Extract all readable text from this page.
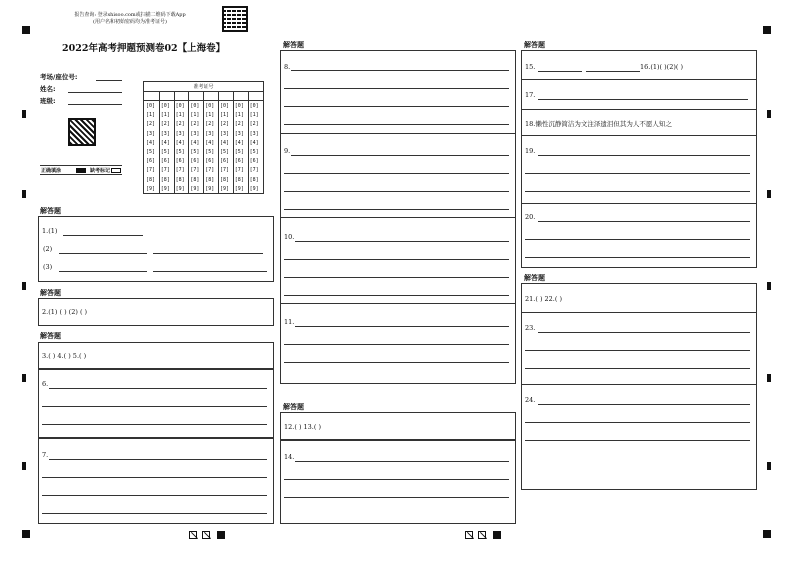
报告查询: 登录shisoo.com或扫描二维码下载App
(用户名和初始密码均为准考证号)
2022年高考押题预测卷02【上海卷】
考场/座位号:
姓名:
班级:
准考证号
[0]
[1]
[2]
[3]
[4]
[5]
[6]
[7]
[8]
[9]
[0]
[1]
[2]
[3]
[4]
[5]
[6]
[7]
[8]
[9]
[0]
[1]
[2]
[3]
[4]
[5]
[6]
[7]
[8]
[9]
[0]
[1]
[2]
[3]
[4]
[5]
[6]
[7]
[8]
[9]
[0]
[1]
[2]
[3]
[4]
[5]
[6]
[7]
[8]
[9]
[0]
[1]
[2]
[3]
[4]
[5]
[6]
[7]
[8]
[9]
[0]
[1]
[2]
[3]
[4]
[5]
[6]
[7]
[8]
[9]
[0]
[1]
[2]
[3]
[4]
[5]
[6]
[7]
[8]
[9]
正确填涂	缺考标记
解答题
1.(1)
(2)
(3)
解答题
2.(1) ( ) (2) ( )
解答题
3.( ) 4.( ) 5.( )
6.
7.
解答题
8.
9.
10.
11.
解答题
12.( ) 13.( )
14.
解答题
15.	16.(1)( )(2)( )
17.
18.懒性沉静简洁为文注泽遗泪但其为人不愿人知之
19.
20.
解答题
21.( ) 22.( )
23.
24.
